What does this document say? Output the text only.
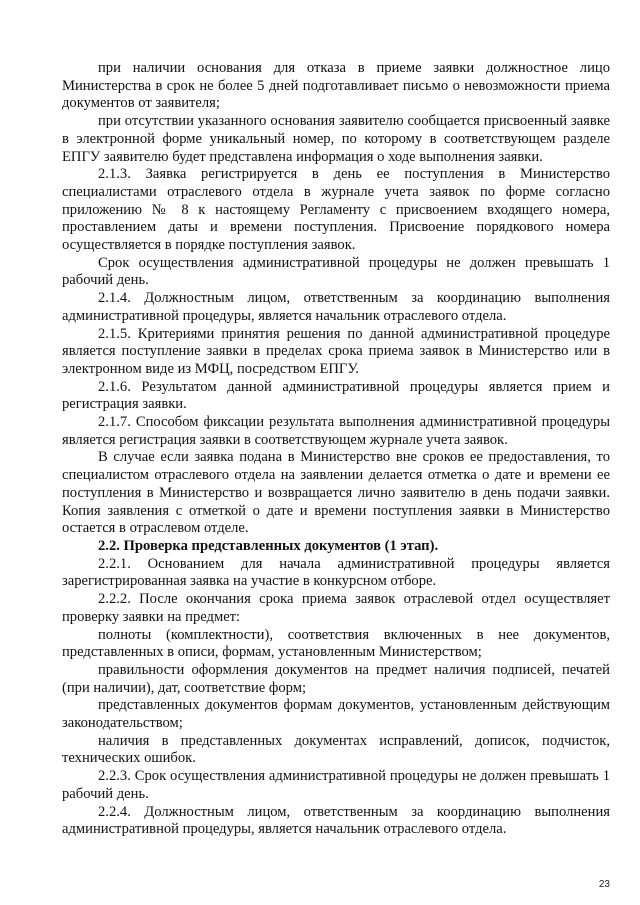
при наличии основания для отказа в приеме заявки должностное лицо Министерства в срок не более 5 дней подготавливает письмо о невозможности приема документов от заявителя;

при отсутствии указанного основания заявителю сообщается присвоенный заявке в электронной форме уникальный номер, по которому в соответствующем разделе ЕПГУ заявителю будет представлена информация о ходе выполнения заявки.

2.1.3. Заявка регистрируется в день ее поступления в Министерство специалистами отраслевого отдела в журнале учета заявок по форме согласно приложению № 8 к настоящему Регламенту с присвоением входящего номера, проставлением даты и времени поступления. Присвоение порядкового номера осуществляется в порядке поступления заявок.

Срок осуществления административной процедуры не должен превышать 1 рабочий день.

2.1.4. Должностным лицом, ответственным за координацию выполнения административной процедуры, является начальник отраслевого отдела.

2.1.5. Критериями принятия решения по данной административной процедуре является поступление заявки в пределах срока приема заявок в Министерство или в электронном виде из МФЦ, посредством ЕПГУ.

2.1.6. Результатом данной административной процедуры является прием и регистрация заявки.

2.1.7. Способом фиксации результата выполнения административной процедуры является регистрация заявки в соответствующем журнале учета заявок.

В случае если заявка подана в Министерство вне сроков ее предоставления, то специалистом отраслевого отдела на заявлении делается отметка о дате и времени ее поступления в Министерство и возвращается лично заявителю в день подачи заявки. Копия заявления с отметкой о дате и времени поступления заявки в Министерство остается в отраслевом отделе.

2.2. Проверка представленных документов (1 этап).

2.2.1. Основанием для начала административной процедуры является зарегистрированная заявка на участие в конкурсном отборе.

2.2.2. После окончания срока приема заявок отраслевой отдел осуществляет проверку заявки на предмет:

полноты (комплектности), соответствия включенных в нее документов, представленных в описи, формам, установленным Министерством;

правильности оформления документов на предмет наличия подписей, печатей (при наличии), дат, соответствие форм;

представленных документов формам документов, установленным действующим законодательством;

наличия в представленных документах исправлений, дописок, подчисток, технических ошибок.

2.2.3. Срок осуществления административной процедуры не должен превышать 1 рабочий день.

2.2.4. Должностным лицом, ответственным за координацию выполнения административной процедуры, является начальник отраслевого отдела.

23
